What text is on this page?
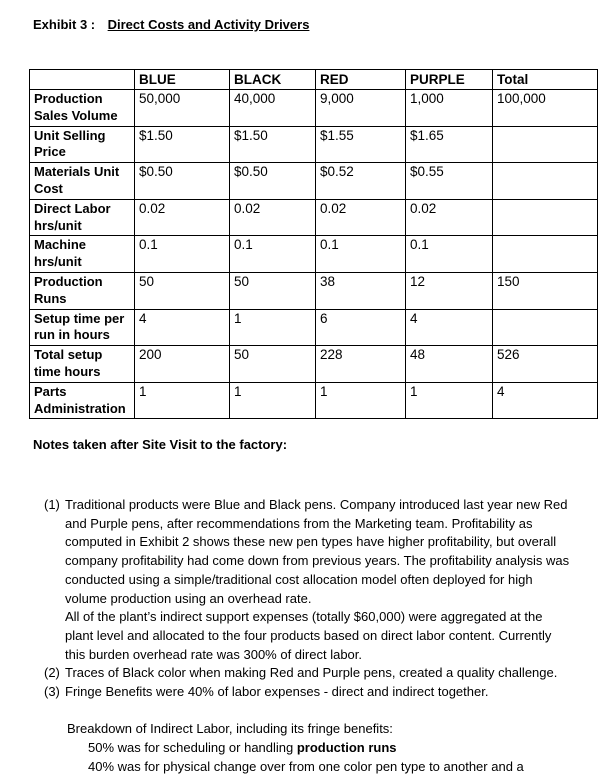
Exhibit 3 : Direct Costs and Activity Drivers
	BLUE	BLACK	RED	PURPLE	Total
Production Sales Volume	50,000	40,000	9,000	1,000	100,000
Unit Selling Price	$1.50	$1.50	$1.55	$1.65	
Materials Unit Cost	$0.50	$0.50	$0.52	$0.55	
Direct Labor hrs/unit	0.02	0.02	0.02	0.02	
Machine hrs/unit	0.1	0.1	0.1	0.1	
Production Runs	50	50	38	12	150
Setup time per run in hours	4	1	6	4	
Total setup time hours	200	50	228	48	526
Parts Administration	1	1	1	1	4
Notes taken after Site Visit to the factory:
(1) Traditional products were Blue and Black pens. Company introduced last year new Red
and Purple pens, after recommendations from the Marketing team. Profitability as
computed in Exhibit 2 shows these new pen types have higher profitability, but overall
company profitability had come down from previous years. The profitability analysis was
conducted using a simple/traditional cost allocation model often deployed for high
volume production using an overhead rate.
All of the plant’s indirect support expenses (totally $60,000) were aggregated at the
plant level and allocated to the four products based on direct labor content. Currently
this burden overhead rate was 300% of direct labor.
(2) Traces of Black color when making Red and Purple pens, created a quality challenge.
(3) Fringe Benefits were 40% of labor expenses - direct and indirect together.
Breakdown of Indirect Labor, including its fringe benefits:
50% was for scheduling or handling production runs
40% was for physical change over from one color pen type to another and a
